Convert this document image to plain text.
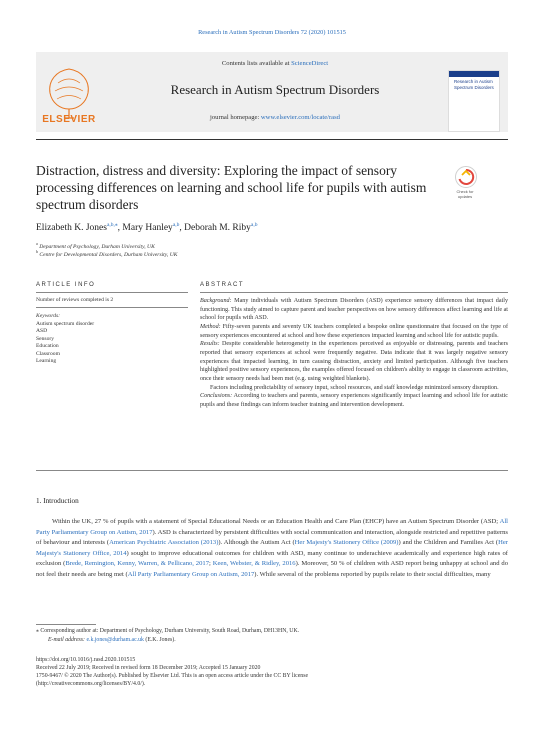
Research in Autism Spectrum Disorders 72 (2020) 101515
ELSEVIER
Contents lists available at ScienceDirect
Research in Autism Spectrum Disorders
journal homepage: www.elsevier.com/locate/rasd
Research in Autism Spectrum Disorders
Distraction, distress and diversity: Exploring the impact of sensory processing differences on learning and school life for pupils with autism spectrum disorders
Check for updates
Elizabeth K. Jones$^{a,b,⁎}$, Mary Hanley$^{a,b}$, Deborah M. Riby$^{a,b}$
$^a$ Department of Psychology, Durham University, UK
$^b$ Centre for Developmental Disorders, Durham University, UK
ARTICLE INFO
Number of reviews completed is 2
Keywords:
Autism spectrum disorder
ASD
Sensory
Education
Classroom
Learning
ABSTRACT

Background: Many individuals with Autism Spectrum Disorders (ASD) experience sensory differences that impact daily functioning. This study aimed to capture parent and teacher perspectives on how sensory differences affect learning and life at school for pupils with ASD.

Method: Fifty-seven parents and seventy UK teachers completed a bespoke online questionnaire that focused on the type of sensory experiences encountered at school and how these experiences impacted learning and school life for autistic pupils.

Results: Despite considerable heterogeneity in the experiences perceived as enjoyable or distressing, parents and teachers reported that sensory experiences at school were frequently negative. Data indicate that it was largely negative sensory experiences that impacted learning, in turn causing distraction, anxiety and limited participation. Although five teachers highlighted positive sensory experiences, the examples offered focused on children's ability to engage in classroom activities, once their sensory needs had been met (e.g. using weighted blankets).

Factors including predictability of sensory input, school resources, and staff knowledge minimized sensory disruption.

Conclusions: According to teachers and parents, sensory experiences significantly impact learning and school life for autistic pupils and these findings can inform teacher training and intervention development.

1. Introduction

Within the UK, 27 % of pupils with a statement of Special Educational Needs or an Education Health and Care Plan (EHCP) have an Autism Spectrum Disorder (ASD; All Party Parliamentary Group on Autism, 2017). ASD is characterized by persistent difficulties with social communication and interaction, alongside restricted and repetitive patterns of behaviour and interests (American Psychiatric Association (2013)). Although the Autism Act (Her Majesty's Stationery Office (2009)) and the Children and Families Act (Her Majesty's Stationery Office, 2014) sought to improve educational outcomes for children with ASD, many continue to underachieve academically and experience high rates of exclusion (Brede, Remington, Kenny, Warren, & Pellicano, 2017; Keen, Webster, & Ridley, 2016). Moreover, 50 % of children with ASD report being unhappy at school and do not feel their needs are being met (All Party Parliamentary Group on Autism, 2017). While several of the problems reported by pupils relate to their social difficulties, many

⁎ Corresponding author at: Department of Psychology, Durham University, South Road, Durham, DH13HN, UK.
E-mail address: e.k.jones@durham.ac.uk (E.K. Jones).
https://doi.org/10.1016/j.rasd.2020.101515
Received 22 July 2019; Received in revised form 18 December 2019; Accepted 15 January 2020
1750-9467/ © 2020 The Author(s). Published by Elsevier Ltd. This is an open access article under the CC BY license
(http://creativecommons.org/licenses/BY/4.0/).
